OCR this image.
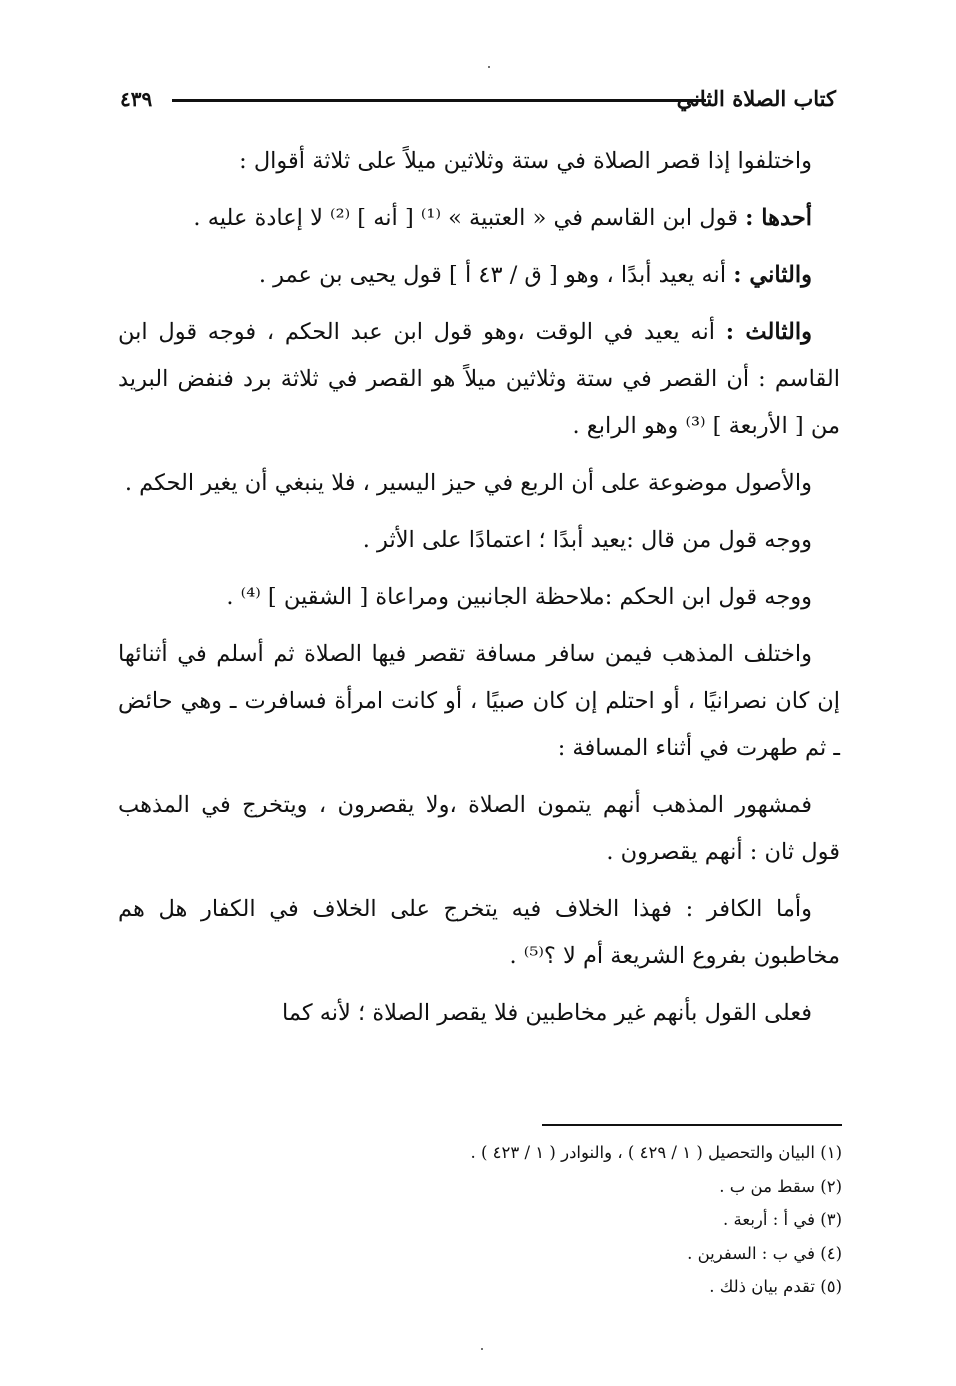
كتاب الصلاة الثاني
٤٣٩

واختلفوا إذا قصر الصلاة في ستة وثلاثين ميلاً على ثلاثة أقوال :

أحدها : قول ابن القاسم في « العتبية » ⁽¹⁾ [ أنه ] ⁽²⁾ لا إعادة عليه .

والثاني : أنه يعيد أبدًا ، وهو [ ق / ٤٣ أ ] قول يحيى بن عمر .

والثالث : أنه يعيد في الوقت ،وهو قول ابن عبد الحكم ، فوجه قول ابن القاسم : أن القصر في ستة وثلاثين ميلاً هو القصر في ثلاثة برد فنفض البريد من [ الأربعة ] ⁽³⁾ وهو الرابع .

والأصول موضوعة على أن الربع في حيز اليسير ، فلا ينبغي أن يغير الحكم .

ووجه قول من قال :يعيد أبدًا ؛ اعتمادًا على الأثر .

ووجه قول ابن الحكم :ملاحظة الجانبين ومراعاة [ الشقين ] ⁽⁴⁾ .

واختلف المذهب فيمن سافر مسافة تقصر فيها الصلاة ثم أسلم في أثنائها إن كان نصرانيًا ، أو احتلم إن كان صبيًا ، أو كانت امرأة فسافرت ـ وهي حائض ـ ثم طهرت في أثناء المسافة :

فمشهور المذهب أنهم يتمون الصلاة ،ولا يقصرون ، ويتخرج في المذهب قول ثان : أنهم يقصرون .

وأما الكافر : فهذا الخلاف فيه يتخرج على الخلاف في الكفار هل هم مخاطبون بفروع الشريعة أم لا ؟⁽⁵⁾ .

فعلى القول بأنهم غير مخاطبين فلا يقصر الصلاة ؛ لأنه كما

(١) البيان والتحصيل ( ١ / ٤٢٩ ) ، والنوادر ( ١ / ٤٢٣ ) .

(٢) سقط من ب .

(٣) في أ : أربعة .

(٤) في ب : السفرين .

(٥) تقدم بيان ذلك .
